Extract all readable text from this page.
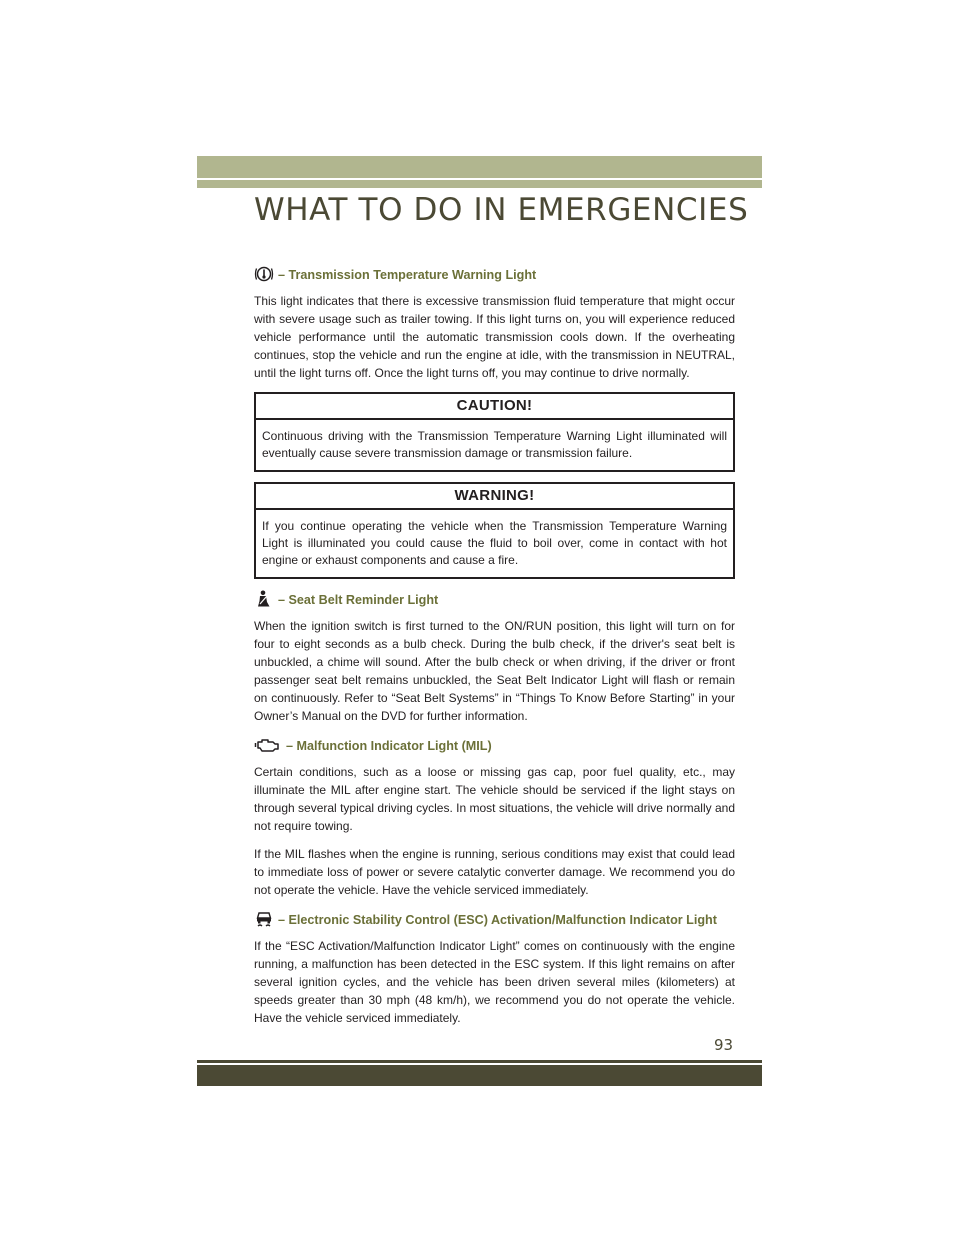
WHAT TO DO IN EMERGENCIES
– Transmission Temperature Warning Light

This light indicates that there is excessive transmission fluid temperature that might occur with severe usage such as trailer towing. If this light turns on, you will experience reduced vehicle performance until the automatic transmission cools down. If the overheating continues, stop the vehicle and run the engine at idle, with the transmission in NEUTRAL, until the light turns off. Once the light turns off, you may continue to drive normally.

CAUTION!
Continuous driving with the Transmission Temperature Warning Light illuminated will eventually cause severe transmission damage or transmission failure.
WARNING!
If you continue operating the vehicle when the Transmission Temperature Warning Light is illuminated you could cause the fluid to boil over, come in contact with hot engine or exhaust components and cause a fire.
– Seat Belt Reminder Light

When the ignition switch is first turned to the ON/RUN position, this light will turn on for four to eight seconds as a bulb check. During the bulb check, if the driver's seat belt is unbuckled, a chime will sound. After the bulb check or when driving, if the driver or front passenger seat belt remains unbuckled, the Seat Belt Indicator Light will flash or remain on continuously. Refer to “Seat Belt Systems” in “Things To Know Before Starting” in your Owner’s Manual on the DVD for further information.

– Malfunction Indicator Light (MIL)

Certain conditions, such as a loose or missing gas cap, poor fuel quality, etc., may illuminate the MIL after engine start. The vehicle should be serviced if the light stays on through several typical driving cycles. In most situations, the vehicle will drive normally and not require towing.

If the MIL flashes when the engine is running, serious conditions may exist that could lead to immediate loss of power or severe catalytic converter damage. We recommend you do not operate the vehicle. Have the vehicle serviced immediately.

– Electronic Stability Control (ESC) Activation/Malfunction Indicator Light

If the “ESC Activation/Malfunction Indicator Light” comes on continuously with the engine running, a malfunction has been detected in the ESC system. If this light remains on after several ignition cycles, and the vehicle has been driven several miles (kilometers) at speeds greater than 30 mph (48 km/h), we recommend you do not operate the vehicle. Have the vehicle serviced immediately.

93
